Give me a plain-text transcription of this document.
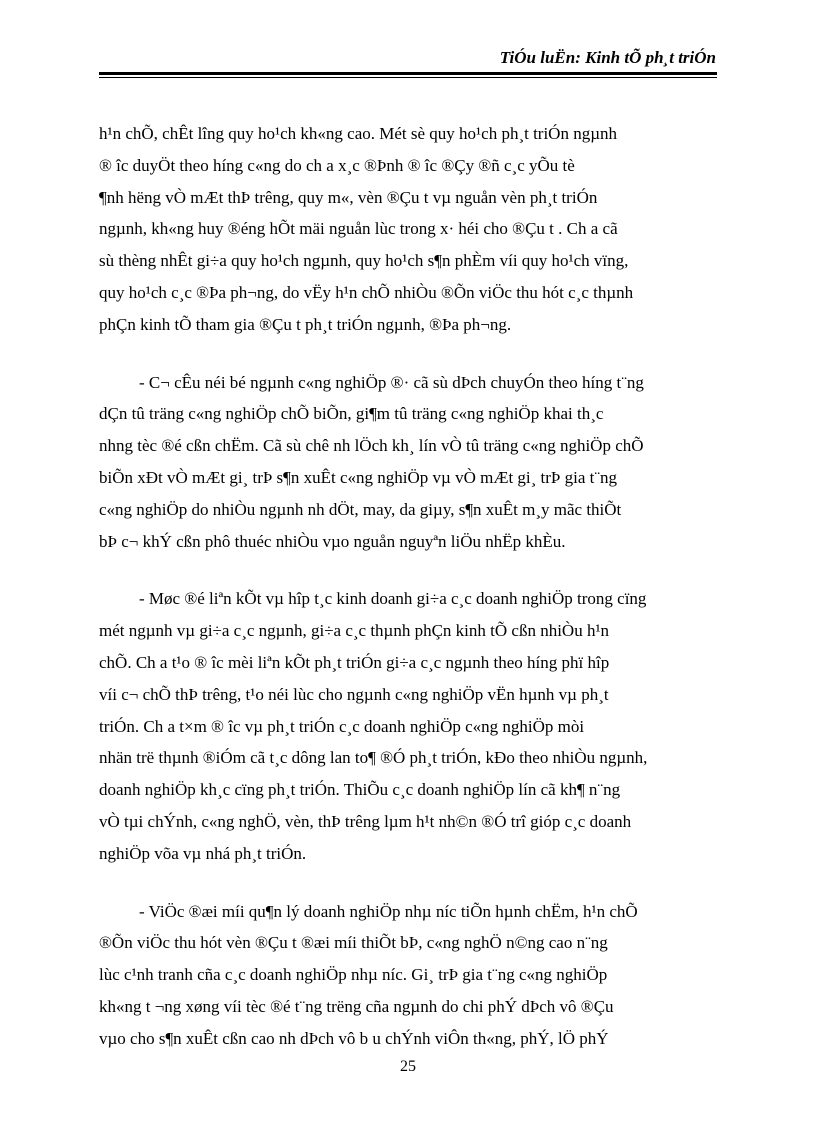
TiÓu luËn: Kinh tÕ ph¸t triÓn
h¹n chÕ, chÊt lîng quy ho¹ch kh«ng cao. Mét sè quy ho¹ch ph¸t triÓn ngµnh
® îc duyÖt theo híng c«ng do ch a x¸c ®Þnh ® îc ®Çy ®ñ c¸c yÕu tè
¶nh hëng vÒ mÆt thÞ trêng, quy m«, vèn ®Çu t vµ nguån vèn ph¸t triÓn
ngµnh, kh«ng huy ®éng hÕt mäi nguån lùc trong x· héi cho ®Çu t . Ch a cã
sù thèng nhÊt gi÷a quy ho¹ch ngµnh, quy ho¹ch s¶n phÈm víi quy ho¹ch vïng,
quy ho¹ch c¸c ®Þa ph¬ng, do vËy h¹n chÕ nhiÒu ®Õn viÖc thu hót c¸c thµnh
phÇn kinh tÕ tham gia ®Çu t ph¸t triÓn ngµnh, ®Þa ph¬ng.
- C¬ cÊu néi bé ngµnh c«ng nghiÖp ®· cã sù dÞch chuyÓn theo híng t¨ng
dÇn tû träng c«ng nghiÖp chÕ biÕn, gi¶m tû träng c«ng nghiÖp khai th¸c
nhng tèc ®é cßn chËm. Cã sù chê nh lÖch kh¸ lín vÒ tû träng c«ng nghiÖp chÕ
biÕn xÐt vÒ mÆt gi¸ trÞ s¶n xuÊt c«ng nghiÖp vµ vÒ mÆt gi¸ trÞ gia t¨ng
c«ng nghiÖp do nhiÒu ngµnh nh dÖt, may, da giµy, s¶n xuÊt m¸y mãc thiÕt
bÞ c¬ khÝ cßn phô thuéc nhiÒu vµo nguån nguyªn liÖu nhËp khÈu.
- Møc ®é liªn kÕt vµ hîp t¸c kinh doanh gi÷a c¸c doanh nghiÖp trong cïng
mét ngµnh vµ gi÷a c¸c ngµnh, gi÷a c¸c thµnh phÇn kinh tÕ cßn nhiÒu h¹n
chÕ. Ch a t¹o ® îc mèi liªn kÕt ph¸t triÓn gi÷a c¸c ngµnh theo híng phï hîp
víi c¬ chÕ thÞ trêng, t¹o néi lùc cho ngµnh c«ng nghiÖp vËn hµnh vµ ph¸t
triÓn. Ch a t×m ® îc vµ ph¸t triÓn c¸c doanh nghiÖp c«ng nghiÖp mòi
nhän trë thµnh ®iÓm cã t¸c dông lan to¶ ®Ó ph¸t triÓn, kÐo theo nhiÒu ngµnh,
doanh nghiÖp kh¸c cïng ph¸t triÓn. ThiÕu c¸c doanh nghiÖp lín cã kh¶ n¨ng
vÒ tµi chÝnh, c«ng nghÖ, vèn, thÞ trêng lµm h¹t nh©n ®Ó trî gióp c¸c doanh
nghiÖp võa vµ nhá ph¸t triÓn.
- ViÖc ®æi míi qu¶n lý doanh nghiÖp nhµ níc tiÕn hµnh chËm, h¹n chÕ
®Õn viÖc thu hót vèn ®Çu t ®æi míi thiÕt bÞ, c«ng nghÖ n©ng cao n¨ng
lùc c¹nh tranh cña c¸c doanh nghiÖp nhµ níc. Gi¸ trÞ gia t¨ng c«ng nghiÖp
kh«ng t ¬ng xøng víi tèc ®é t¨ng trëng cña ngµnh do chi phÝ dÞch vô ®Çu
vµo cho s¶n xuÊt cßn cao nh dÞch vô b u chÝnh viÔn th«ng, phÝ, lÖ phÝ
25
